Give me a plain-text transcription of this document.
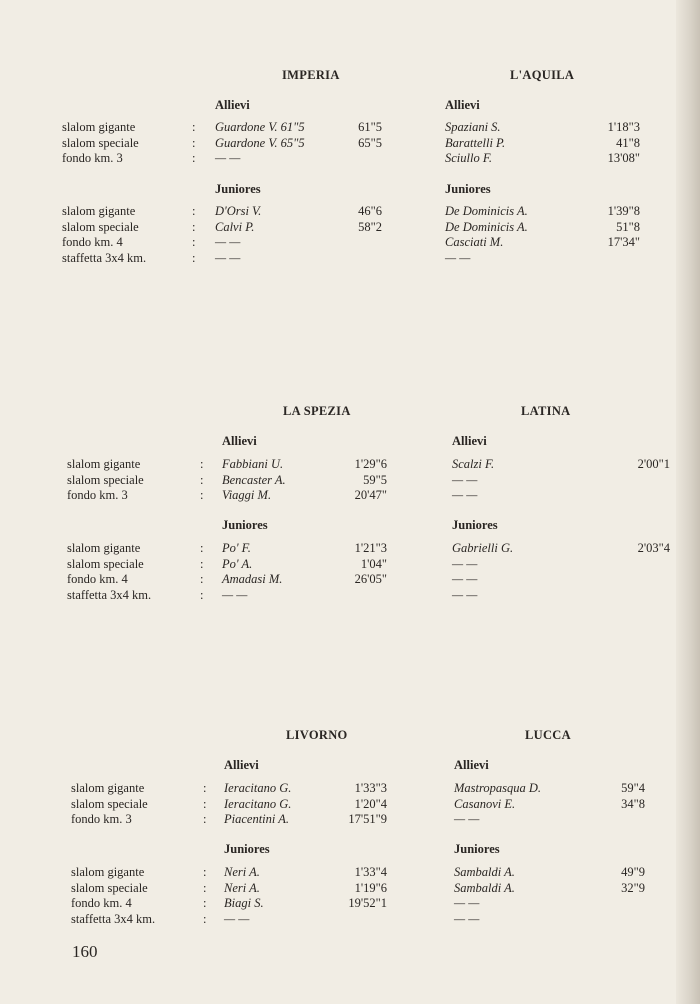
IMPERIA	L'AQUILA
Allievi
slalom gigante	: Guardone V. 61"5	61"5
slalom speciale	: Guardone V. 65"5	65"5
fondo km. 3	: — —
Allievi
Spaziani S.	1'18"3
Barattelli P.	41"8
Sciullo F.	13'08"
Juniores
slalom gigante	: D'Orsi V.	46"6
slalom speciale	: Calvi P.	58"2
fondo km. 4	: — —
staffetta 3x4 km.	: — —
Juniores
De Dominicis A.	1'39"8
De Dominicis A.	51"8
Casciati M.	17'34"
— —
LA SPEZIA	LATINA
Allievi
slalom gigante	: Fabbiani U.	1'29"6
slalom speciale	: Bencaster A.	59"5
fondo km. 3	: Viaggi M.	20'47"
Allievi
Scalzi F.	2'00"1
— —
— —
Juniores
slalom gigante	: Po' F.	1'21"3
slalom speciale	: Po' A.	1'04"
fondo km. 4	: Amadasi M.	26'05"
staffetta 3x4 km.	: — —
Juniores
Gabrielli G.	2'03"4
— —
— —
— —
LIVORNO	LUCCA
Allievi
slalom gigante	: Ieracitano G.	1'33"3
slalom speciale	: Ieracitano G.	1'20"4
fondo km. 3	: Piacentini A.	17'51"9
Allievi
Mastropasqua D.	59"4
Casanovi E.	34"8
— —
Juniores
slalom gigante	: Neri A.	1'33"4
slalom speciale	: Neri A.	1'19"6
fondo km. 4	: Biagi S.	19'52"1
staffetta 3x4 km.	: — —
Juniores
Sambaldi A.	49"9
Sambaldi A.	32"9
— —
— —
160
